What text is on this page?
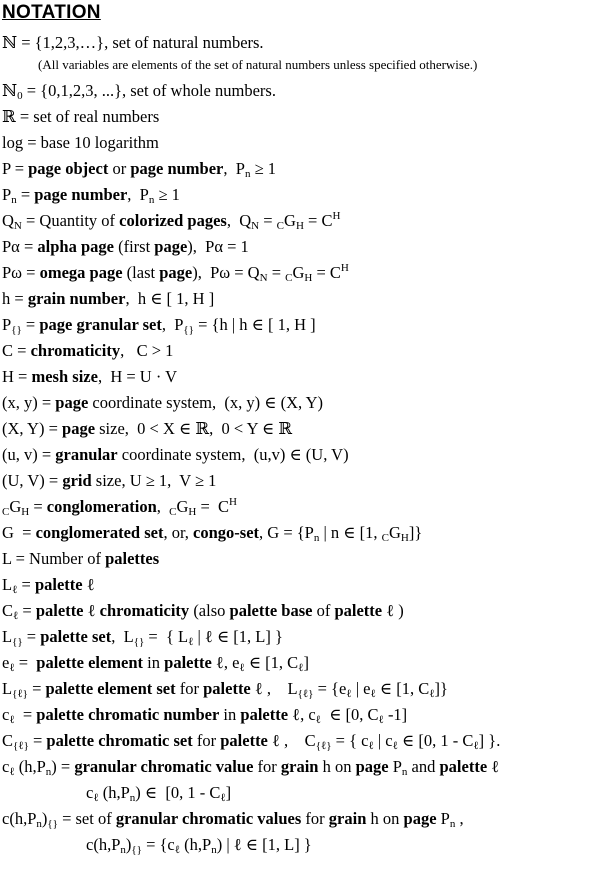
NOTATION
ℕ = {1,2,3,…}, set of natural numbers.
(All variables are elements of the set of natural numbers unless specified otherwise.)
ℕ$_0$ = {0,1,2,3, ...}, set of whole numbers.
ℝ = set of real numbers
log = base 10 logarithm
P = page object or page number,  $P_n \ge 1$
$P_n$ = page number,  $P_n \ge 1$
$Q_N$ = Quantity of colorized pages,  $Q_N = CG_H = C^H$
Pα = alpha page (first page),  Pα = 1
Pω = omega page (last page),  $P\omega = Q_N = CG_H = C^H$
h = grain number,  h ∈ [ 1, H ]
$P_{\{\}}$ = page granular set,  $P_{\{\}} = \{h$ | h ∈ [ 1, H ]
C = chromaticity,   C > 1
H = mesh size,  H = U · V
(x, y) = page coordinate system,  (x, y) ∈ (X, Y)
(X, Y) = page size,  0 < X ∈ ℝ,  0 < Y ∈ ℝ
(u, v) = granular coordinate system,  (u,v) ∈ (U, V)
(U, V) = grid size, U ≥ 1,  V ≥ 1
$CG_H$ = conglomeration,  $CG_H = C^H$
G  = conglomerated set, or, congo-set, $G = \{P_n$ | n ∈ [1, $CG_H$]}
L = Number of palettes
$L_\ell$ = palette ℓ
$C_\ell$ = palette ℓ chromaticity (also palette base of palette ℓ )
$L_{\{\}}$ = palette set,  $L_{\{\}}$ =  { $L_\ell$ | ℓ ∈ [1, L] }
$e_\ell$ =  palette element in palette ℓ, $e_\ell$ ∈ [1, $C_\ell$]
$L_{\{\ell\}}$ = palette element set for palette ℓ ,    $L_{\{\ell\}} = \{e_\ell$ | $e_\ell$ ∈ [1, $C_\ell$]}
$c_\ell$  = palette chromatic number in palette ℓ, $c_\ell$  ∈ [0, $C_\ell$ -1]
$C_{\{\ell\}}$ = palette chromatic set for palette ℓ ,    $C_{\{\ell\}}$ = { $c_\ell$ | $c_\ell$ ∈ [0, $1 - C_\ell$] }.
$c_\ell$ $(h,P_n)$ = granular chromatic value for grain h on page $P_n$ and palette ℓ
$c_\ell$ $(h,P_n)$ ∈  [0, $1 - C_\ell$]
$c(h,P_n)_{\{\}}$ = set of granular chromatic values for grain h on page $P_n$ ,
$c(h,P_n)_{\{\}} = \{c_\ell$ $(h,P_n)$ | ℓ ∈ [1, L] }
